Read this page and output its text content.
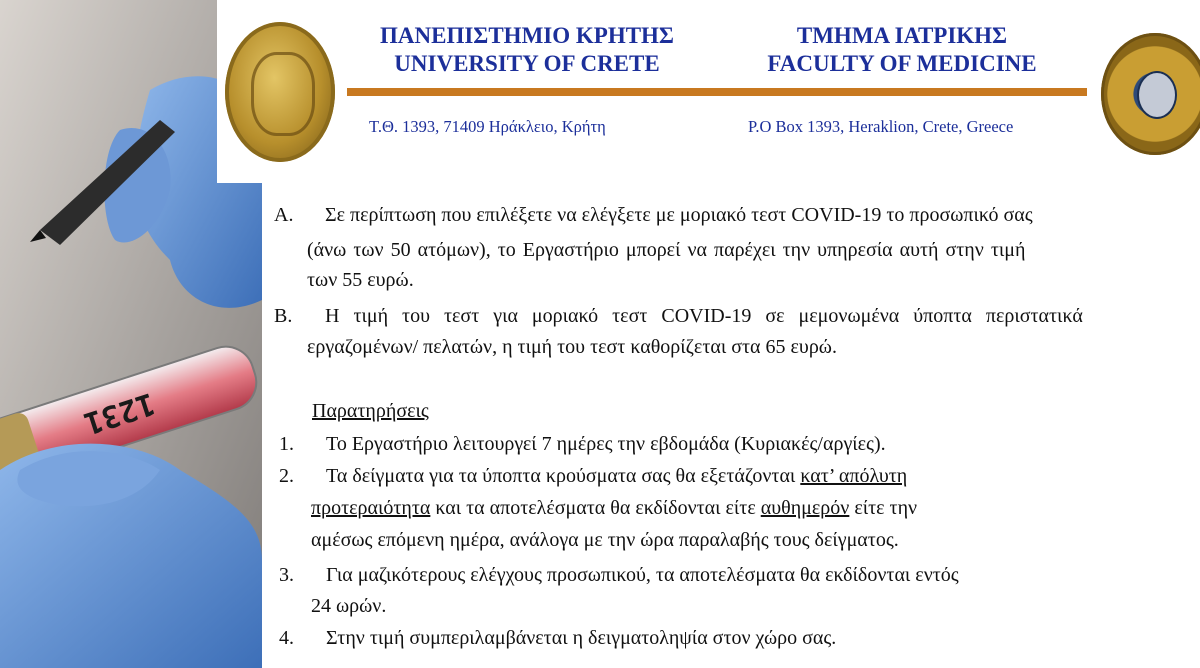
1231
ΠΑΝΕΠΙΣΤΗΜΙΟ ΚΡΗΤΗΣ
UNIVERSITY OF CRETE
ΤΜΗΜΑ ΙΑΤΡΙΚΗΣ
FACULTY OF MEDICINE
Τ.Θ. 1393, 71409 Ηράκλειο, Κρήτη	P.O Box 1393, Heraklion, Crete, Greece
A. Σε περίπτωση που επιλέξετε να ελέγξετε με μοριακό τεστ COVID-19 το προσωπικό σας
(άνω των 50 ατόμων), το Εργαστήριο μπορεί να παρέχει την υπηρεσία αυτή στην τιμή
των 55 ευρώ.
B. Η τιμή του τεστ για μοριακό τεστ COVID-19 σε μεμονωμένα ύποπτα περιστατικά
εργαζομένων/ πελατών, η τιμή του τεστ καθορίζεται στα 65 ευρώ.
Παρατηρήσεις
1. Το Εργαστήριο λειτουργεί 7 ημέρες την εβδομάδα (Κυριακές/αργίες).
2. Τα δείγματα για τα ύποπτα κρούσματα σας θα εξετάζονται κατ’ απόλυτη
προτεραιότητα και τα αποτελέσματα θα εκδίδονται είτε αυθημερόν είτε την
αμέσως επόμενη ημέρα, ανάλογα με την ώρα παραλαβής τους δείγματος.
3. Για μαζικότερους ελέγχους προσωπικού, τα αποτελέσματα θα εκδίδονται εντός
24 ωρών.
4. Στην τιμή συμπεριλαμβάνεται η δειγματοληψία στον χώρο σας.
